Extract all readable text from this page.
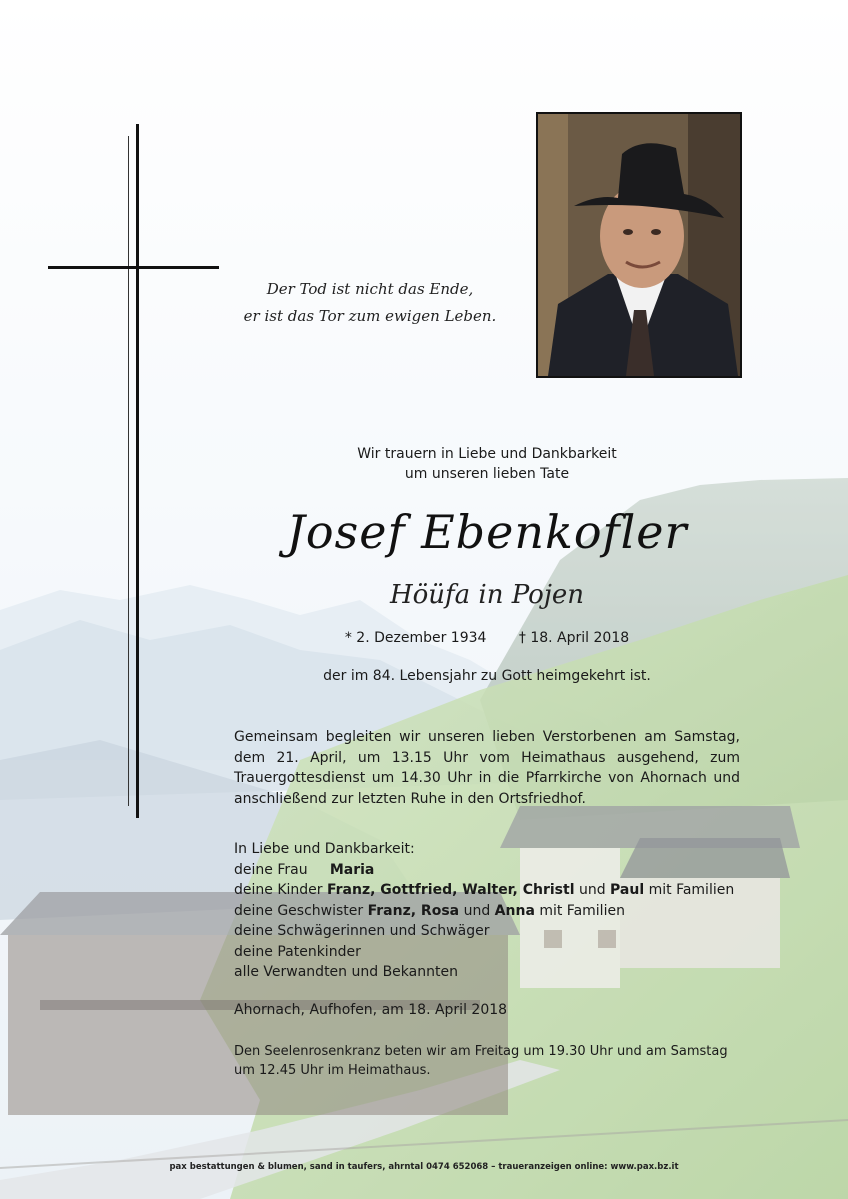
Der Tod ist nicht das Ende,
er ist das Tor zum ewigen Leben.
Wir trauern in Liebe und Dankbarkeit
um unseren lieben Tate
Josef Ebenkofler
Höüfa in Pojen
* 2. Dezember 1934 † 18. April 2018
der im 84. Lebensjahr zu Gott heimgekehrt ist.
Gemeinsam begleiten wir unseren lieben Verstorbenen am Samstag, dem 21. April, um 13.15 Uhr vom Heimathaus ausgehend, zum Trauergottesdienst um 14.30 Uhr in die Pfarrkirche von Ahornach und anschließend zur letzten Ruhe in den Ortsfriedhof.
In Liebe und Dankbarkeit:
deine Frau Maria
deine Kinder Franz, Gottfried, Walter, Christl und Paul mit Familien
deine Geschwister Franz, Rosa und Anna mit Familien
deine Schwägerinnen und Schwäger
deine Patenkinder
alle Verwandten und Bekannten
Ahornach, Aufhofen, am 18. April 2018
Den Seelenrosenkranz beten wir am Freitag um 19.30 Uhr und am Samstag um 12.45 Uhr im Heimathaus.
pax bestattungen & blumen, sand in taufers, ahrntal 0474 652068 – traueranzeigen online: www.pax.bz.it
